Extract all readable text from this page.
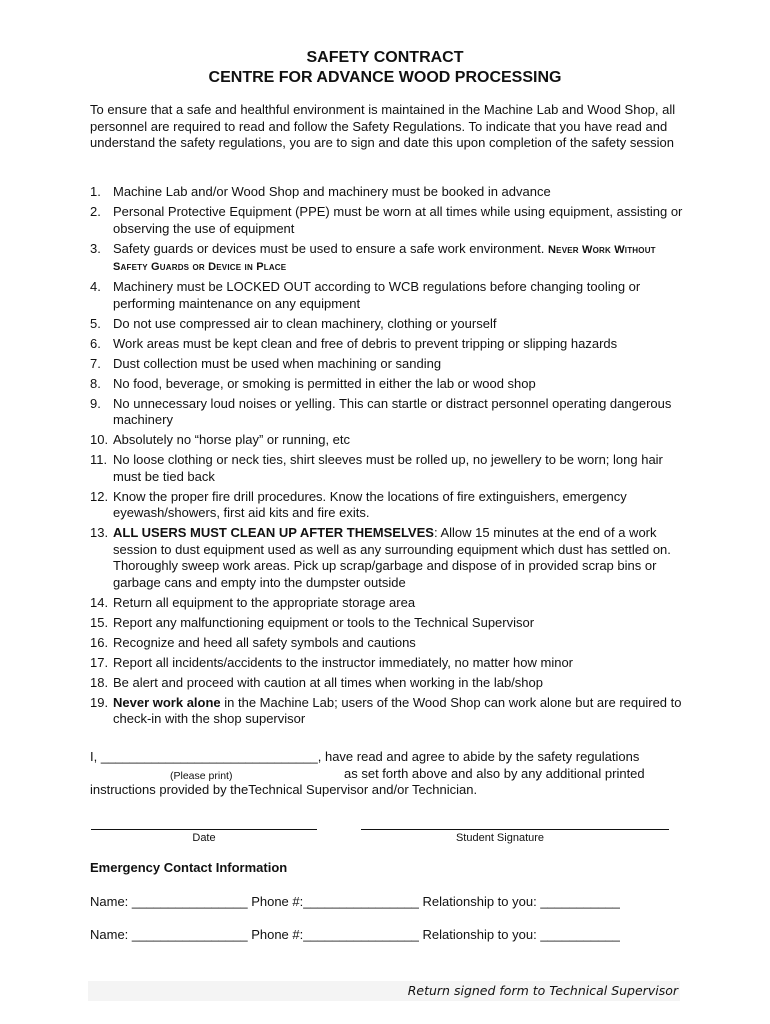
SAFETY CONTRACT
CENTRE FOR ADVANCE WOOD PROCESSING
To ensure that a safe and healthful environment is maintained in the Machine Lab and Wood Shop, all personnel are required to read and follow the Safety Regulations. To indicate that you have read and understand the safety regulations, you are to sign and date this upon completion of the safety session
1. Machine Lab and/or Wood Shop and machinery must be booked in advance
2. Personal Protective Equipment (PPE) must be worn at all times while using equipment, assisting or observing the use of equipment
3. Safety guards or devices must be used to ensure a safe work environment. Never Work Without Safety Guards or Device in Place
4. Machinery must be LOCKED OUT according to WCB regulations before changing tooling or performing maintenance on any equipment
5. Do not use compressed air to clean machinery, clothing or yourself
6. Work areas must be kept clean and free of debris to prevent tripping or slipping hazards
7. Dust collection must be used when machining or sanding
8. No food, beverage, or smoking is permitted in either the lab or wood shop
9. No unnecessary loud noises or yelling. This can startle or distract personnel operating dangerous machinery
10. Absolutely no “horse play” or running, etc
11. No loose clothing or neck ties, shirt sleeves must be rolled up, no jewellery to be worn; long hair must be tied back
12. Know the proper fire drill procedures. Know the locations of fire extinguishers, emergency eyewash/showers, first aid kits and fire exits.
13. ALL USERS MUST CLEAN UP AFTER THEMSELVES: Allow 15 minutes at the end of a work session to dust equipment used as well as any surrounding equipment which dust has settled on. Thoroughly sweep work areas. Pick up scrap/garbage and dispose of in provided scrap bins or garbage cans and empty into the dumpster outside
14. Return all equipment to the appropriate storage area
15. Report any malfunctioning equipment or tools to the Technical Supervisor
16. Recognize and heed all safety symbols and cautions
17. Report all incidents/accidents to the instructor immediately, no matter how minor
18. Be alert and proceed with caution at all times when working in the lab/shop
19. Never work alone in the Machine Lab; users of the Wood Shop can work alone but are required to check-in with the shop supervisor
I, ______________________________, have read and agree to abide by the safety regulations
(Please print)	as set forth above and also by any additional printed
instructions provided by theTechnical Supervisor and/or Technician.
Date	Student Signature
Emergency Contact Information
Name: ________________ Phone #:________________ Relationship to you: ___________
Name: ________________ Phone #:________________ Relationship to you: ___________
Return signed form to Technical Supervisor
